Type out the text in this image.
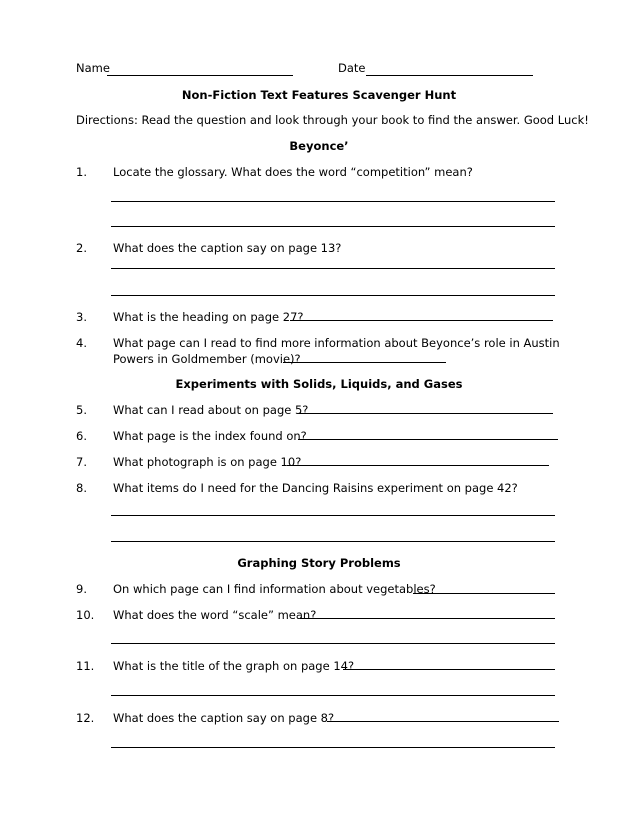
Name	Date
Non-Fiction Text Features Scavenger Hunt
Directions: Read the question and look through your book to find the answer. Good Luck!
Beyonce’
1. Locate the glossary. What does the word “competition” mean?
2. What does the caption say on page 13?
3. What is the heading on page 27?
4. What page can I read to find more information about Beyonce’s role in Austin
Powers in Goldmember (movie)?
Experiments with Solids, Liquids, and Gases
5. What can I read about on page 5?
6. What page is the index found on?
7. What photograph is on page 10?
8. What items do I need for the Dancing Raisins experiment on page 42?
Graphing Story Problems
9. On which page can I find information about vegetables?
10. What does the word “scale” mean?
11. What is the title of the graph on page 14?
12. What does the caption say on page 8?
